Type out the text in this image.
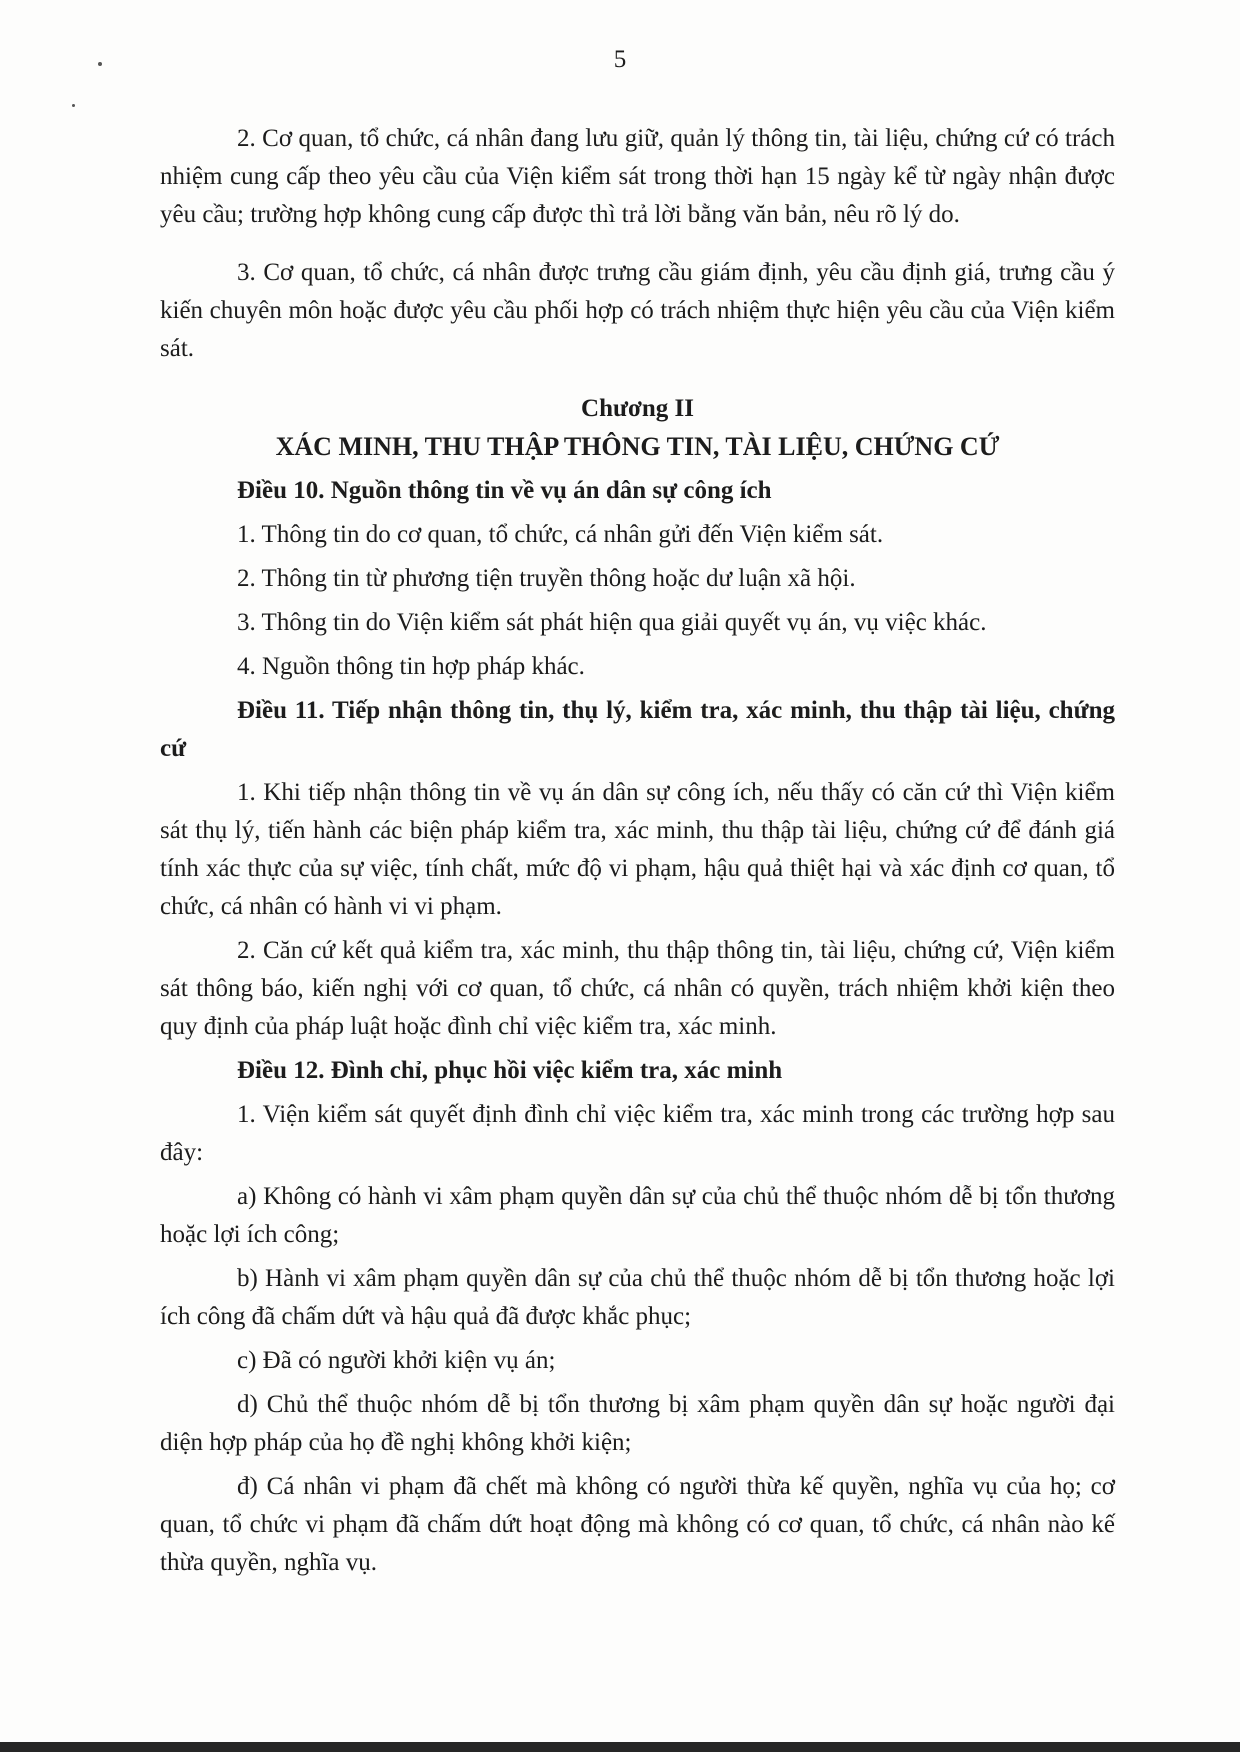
5

2. Cơ quan, tổ chức, cá nhân đang lưu giữ, quản lý thông tin, tài liệu, chứng cứ có trách nhiệm cung cấp theo yêu cầu của Viện kiểm sát trong thời hạn 15 ngày kể từ ngày nhận được yêu cầu; trường hợp không cung cấp được thì trả lời bằng văn bản, nêu rõ lý do.

3. Cơ quan, tổ chức, cá nhân được trưng cầu giám định, yêu cầu định giá, trưng cầu ý kiến chuyên môn hoặc được yêu cầu phối hợp có trách nhiệm thực hiện yêu cầu của Viện kiểm sát.

Chương II

XÁC MINH, THU THẬP THÔNG TIN, TÀI LIỆU, CHỨNG CỨ

Điều 10. Nguồn thông tin về vụ án dân sự công ích

1. Thông tin do cơ quan, tổ chức, cá nhân gửi đến Viện kiểm sát.

2. Thông tin từ phương tiện truyền thông hoặc dư luận xã hội.

3. Thông tin do Viện kiểm sát phát hiện qua giải quyết vụ án, vụ việc khác.

4. Nguồn thông tin hợp pháp khác.

Điều 11. Tiếp nhận thông tin, thụ lý, kiểm tra, xác minh, thu thập tài liệu, chứng cứ

1. Khi tiếp nhận thông tin về vụ án dân sự công ích, nếu thấy có căn cứ thì Viện kiểm sát thụ lý, tiến hành các biện pháp kiểm tra, xác minh, thu thập tài liệu, chứng cứ để đánh giá tính xác thực của sự việc, tính chất, mức độ vi phạm, hậu quả thiệt hại và xác định cơ quan, tổ chức, cá nhân có hành vi vi phạm.

2. Căn cứ kết quả kiểm tra, xác minh, thu thập thông tin, tài liệu, chứng cứ, Viện kiểm sát thông báo, kiến nghị với cơ quan, tổ chức, cá nhân có quyền, trách nhiệm khởi kiện theo quy định của pháp luật hoặc đình chỉ việc kiểm tra, xác minh.

Điều 12. Đình chỉ, phục hồi việc kiểm tra, xác minh

1. Viện kiểm sát quyết định đình chỉ việc kiểm tra, xác minh trong các trường hợp sau đây:

a) Không có hành vi xâm phạm quyền dân sự của chủ thể thuộc nhóm dễ bị tổn thương hoặc lợi ích công;

b) Hành vi xâm phạm quyền dân sự của chủ thể thuộc nhóm dễ bị tổn thương hoặc lợi ích công đã chấm dứt và hậu quả đã được khắc phục;

c) Đã có người khởi kiện vụ án;

d) Chủ thể thuộc nhóm dễ bị tổn thương bị xâm phạm quyền dân sự hoặc người đại diện hợp pháp của họ đề nghị không khởi kiện;

đ) Cá nhân vi phạm đã chết mà không có người thừa kế quyền, nghĩa vụ của họ; cơ quan, tổ chức vi phạm đã chấm dứt hoạt động mà không có cơ quan, tổ chức, cá nhân nào kế thừa quyền, nghĩa vụ.
